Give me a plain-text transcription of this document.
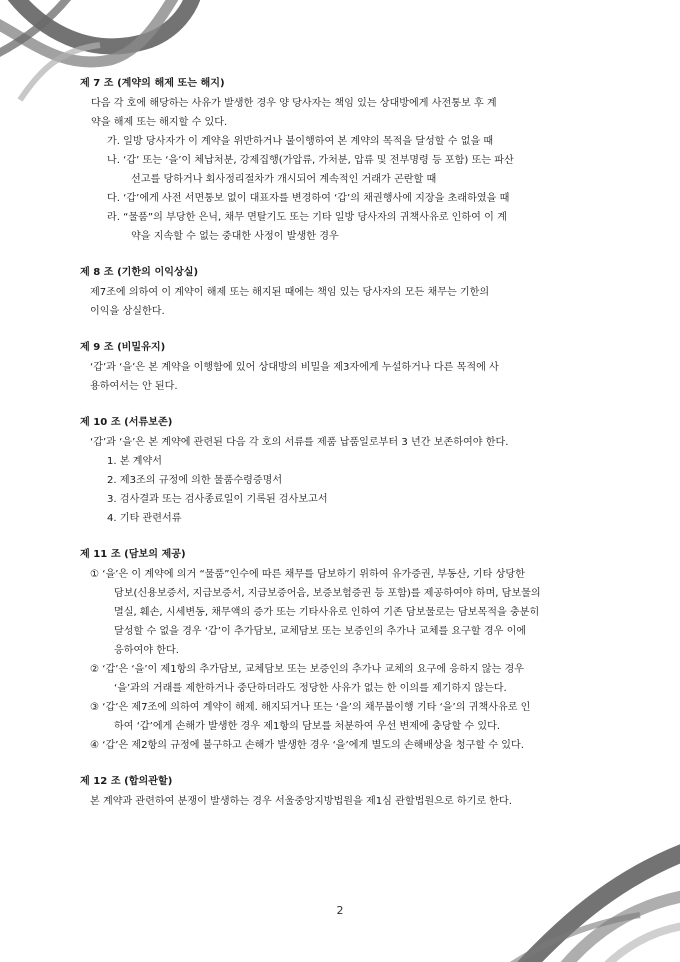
제 7 조 (계약의 해제 또는 해지)
다음 각 호에 해당하는 사유가 발생한 경우 양 당사자는 책임 있는 상대방에게 사전통보 후 계
약을 해제 또는 해지할 수 있다.
가. 일방 당사자가 이 계약을 위반하거나 불이행하여 본 계약의 목적을 달성할 수 없을 때
나. ‘갑’ 또는 ‘을’이 체납처분, 강제집행(가압류, 가처분, 압류 및 전부명령 등 포함) 또는 파산
선고를 당하거나 회사정리절차가 개시되어 계속적인 거래가 곤란할 때
다. ‘갑’에게 사전 서면통보 없이 대표자를 변경하여 ‘갑’의 채권행사에 지장을 초래하였을 때
라. “물품”의 부당한 은닉, 채무 면탈기도 또는 기타 일방 당사자의 귀책사유로 인하여 이 계
약을 지속할 수 없는 중대한 사정이 발생한 경우
제 8 조 (기한의 이익상실)
제7조에 의하여 이 계약이 해제 또는 해지된 때에는 책임 있는 당사자의 모든 채무는 기한의
이익을 상실한다.
제 9 조 (비밀유지)
‘갑’과 ‘을’은 본 계약을 이행함에 있어 상대방의 비밀을 제3자에게 누설하거나 다른 목적에 사
용하여서는 안 된다.
제 10 조 (서류보존)
‘갑’과 ‘을’은 본 계약에 관련된 다음 각 호의 서류를 제품 납품일로부터 3 년간 보존하여야 한다.
1. 본 계약서
2. 제3조의 규정에 의한 물품수령증명서
3. 검사결과 또는 검사종료일이 기록된 검사보고서
4. 기타 관련서류
제 11 조 (담보의 제공)
① ‘을’은 이 계약에 의거 “물품”인수에 따른 채무를 담보하기 위하여 유가증권, 부동산, 기타 상당한
담보(신용보증서, 지급보증서, 지급보증어음, 보증보험증권 등 포함)를 제공하여야 하며, 담보물의
멸실, 훼손, 시세변동, 채무액의 증가 또는 기타사유로 인하여 기존 담보물로는 담보목적을 충분히
달성할 수 없을 경우 ‘갑’이 추가담보, 교체담보 또는 보증인의 추가나 교체를 요구할 경우 이에
응하여야 한다.
② ‘갑’은 ‘을’이 제1항의 추가담보, 교체담보 또는 보증인의 추가나 교체의 요구에 응하지 않는 경우
‘을’과의 거래를 제한하거나 중단하더라도 정당한 사유가 없는 한 이의를 제기하지 않는다.
③ ‘갑’은 제7조에 의하여 계약이 해제. 해지되거나 또는 ‘을’의 채무불이행 기타 ‘을’의 귀책사유로 인
하여 ‘갑’에게 손해가 발생한 경우 제1항의 담보를 처분하여 우선 변제에 충당할 수 있다.
④ ‘갑’은 제2항의 규정에 불구하고 손해가 발생한 경우 ‘을’에게 별도의 손해배상을 청구할 수 있다.
제 12 조 (합의관할)
본 계약과 관련하여 분쟁이 발생하는 경우 서울중앙지방법원을 제1심 관할법원으로 하기로 한다.
2
